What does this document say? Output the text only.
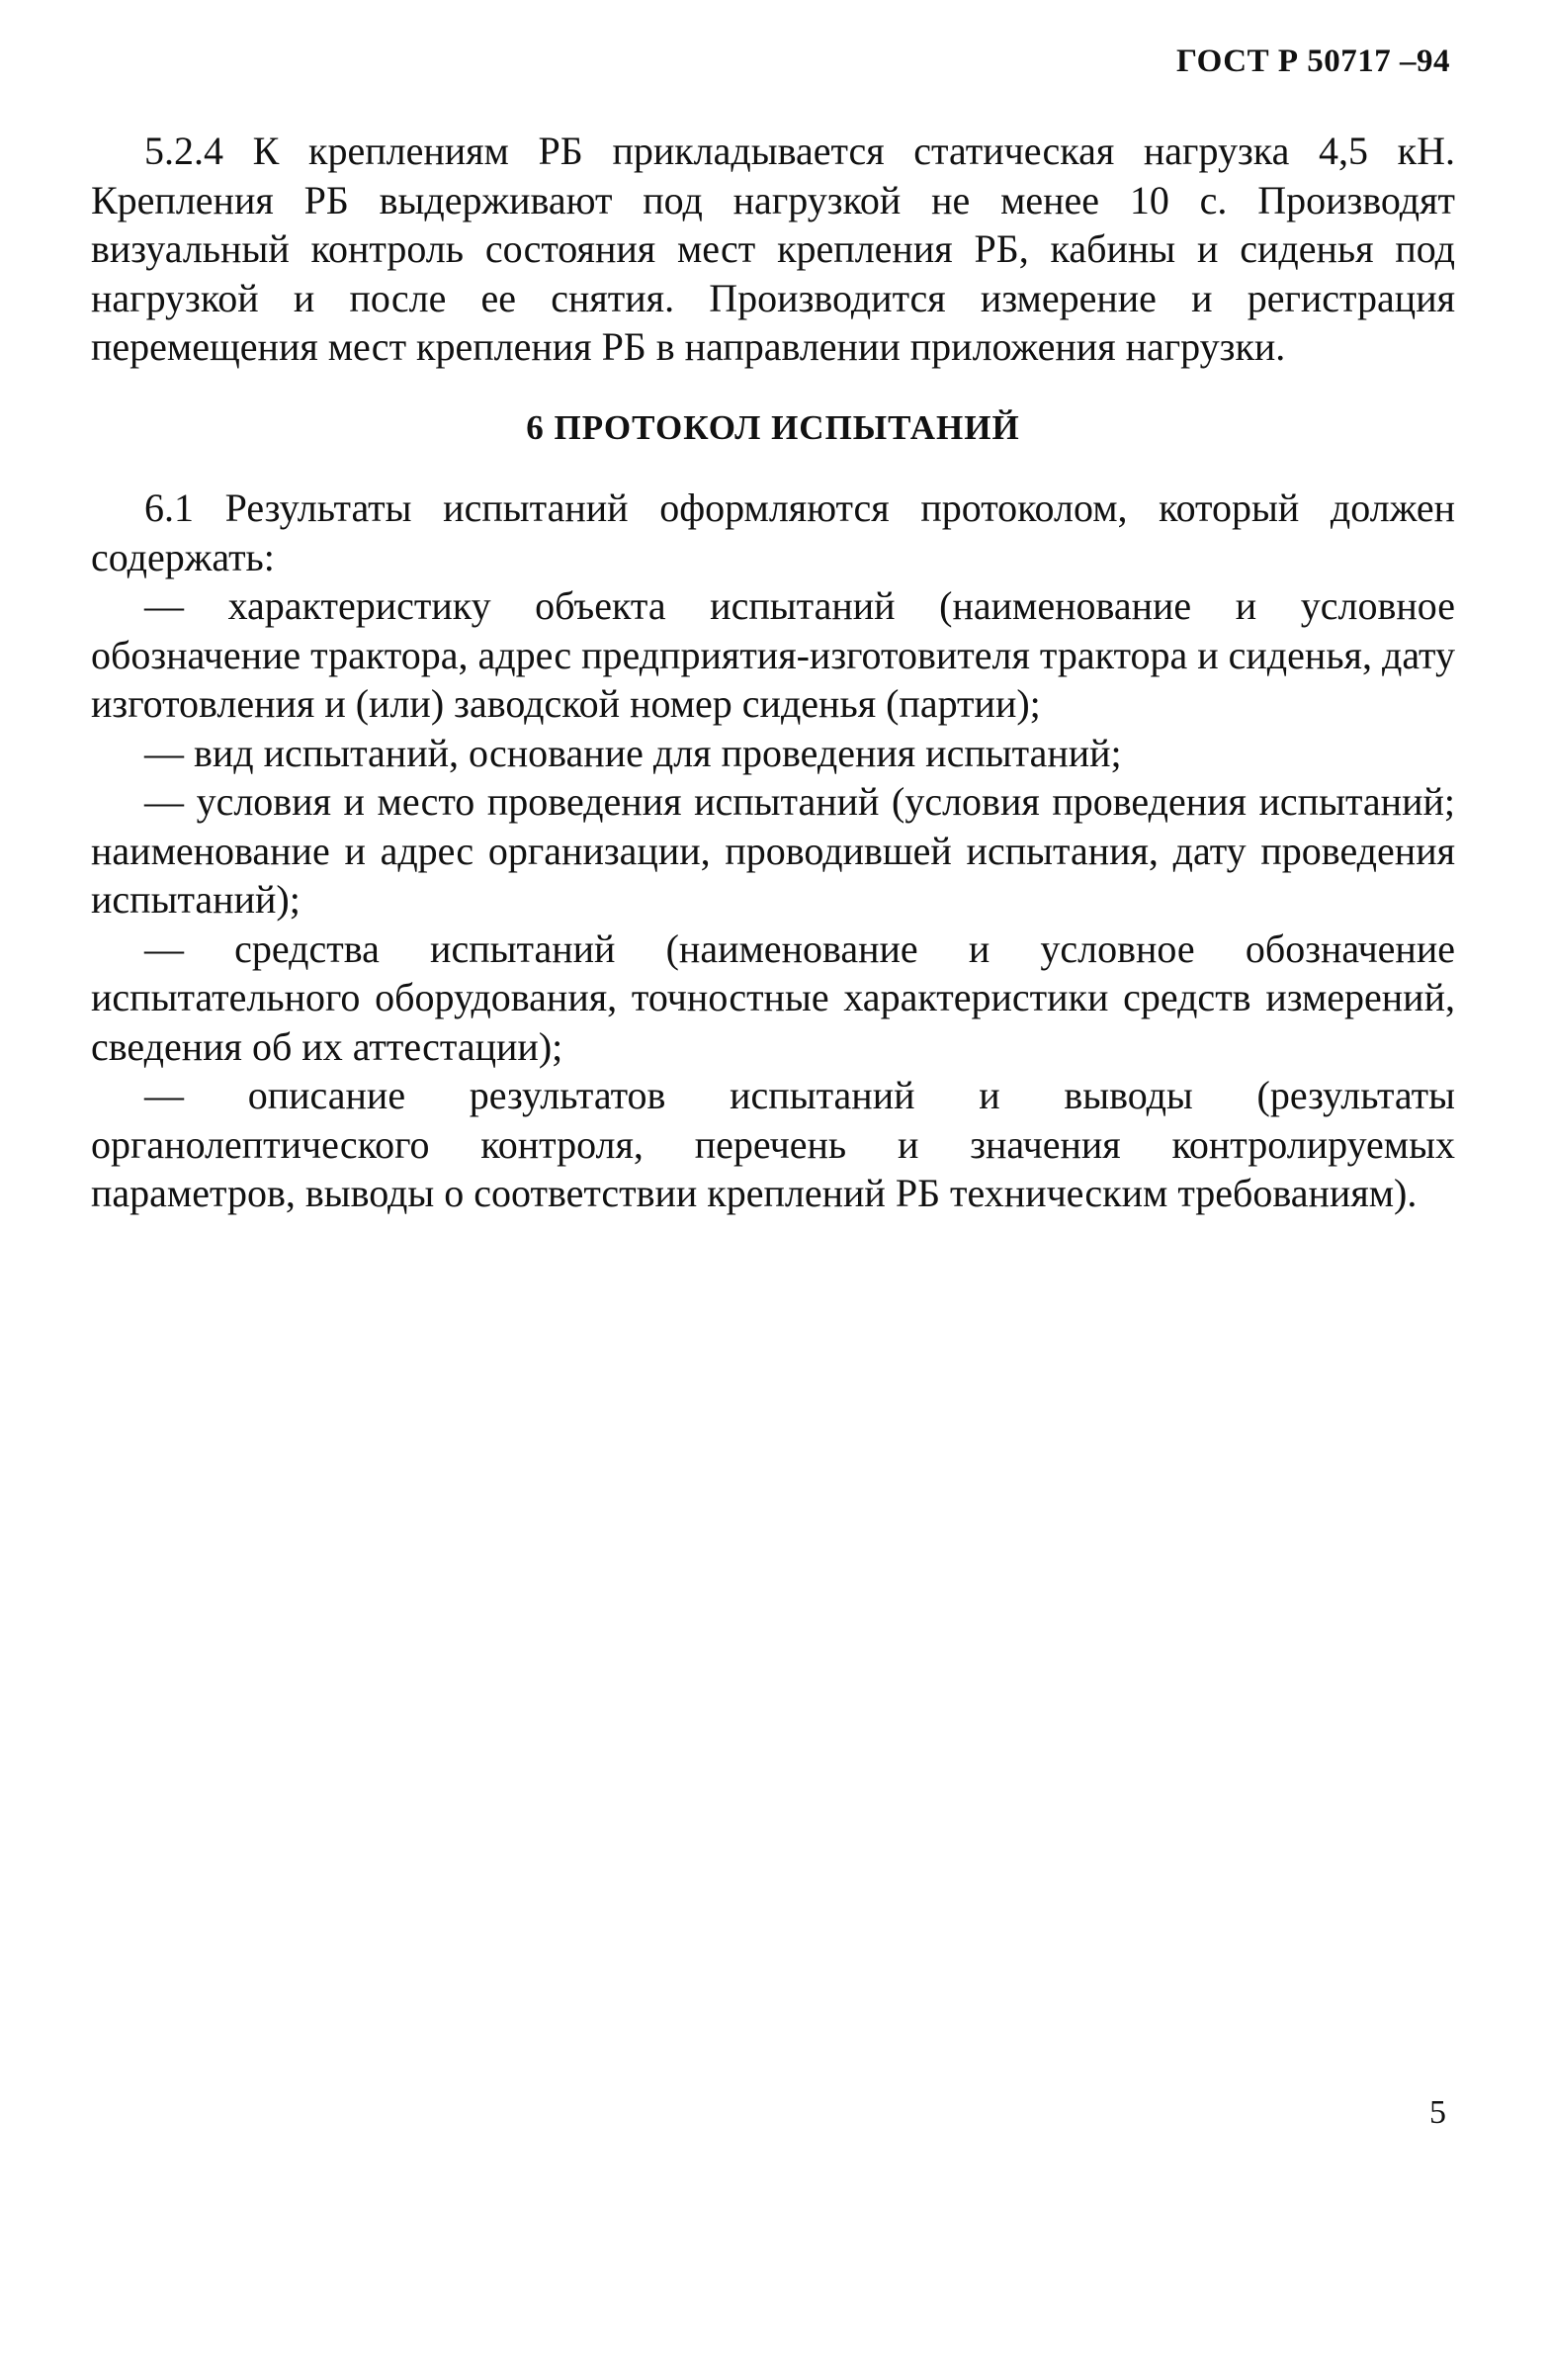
ГОСТ Р 50717 –94

5.2.4 К креплениям РБ прикладывается статическая нагрузка 4,5 кН. Крепления РБ выдерживают под нагрузкой не менее 10 с. Производят визуальный контроль состояния мест крепления РБ, кабины и сиденья под нагрузкой и после ее снятия. Производится измерение и регистрация перемещения мест крепления РБ в направлении приложения нагрузки.

6 ПРОТОКОЛ ИСПЫТАНИЙ

6.1 Результаты испытаний оформляются протоколом, который должен содержать:

— характеристику объекта испытаний (наименование и условное обозначение трактора, адрес предприятия-изготовителя трактора и сиденья, дату изготовления и (или) заводской номер сиденья (партии);

— вид испытаний, основание для проведения испытаний;

— условия и место проведения испытаний (условия проведения испытаний; наименование и адрес организации, проводившей испытания, дату проведения испытаний);

— средства испытаний (наименование и условное обозначение испытательного оборудования, точностные характеристики средств измерений, сведения об их аттестации);

— описание результатов испытаний и выводы (результаты органолептического контроля, перечень и значения контролируемых параметров, выводы о соответствии креплений РБ техническим требованиям).

5
